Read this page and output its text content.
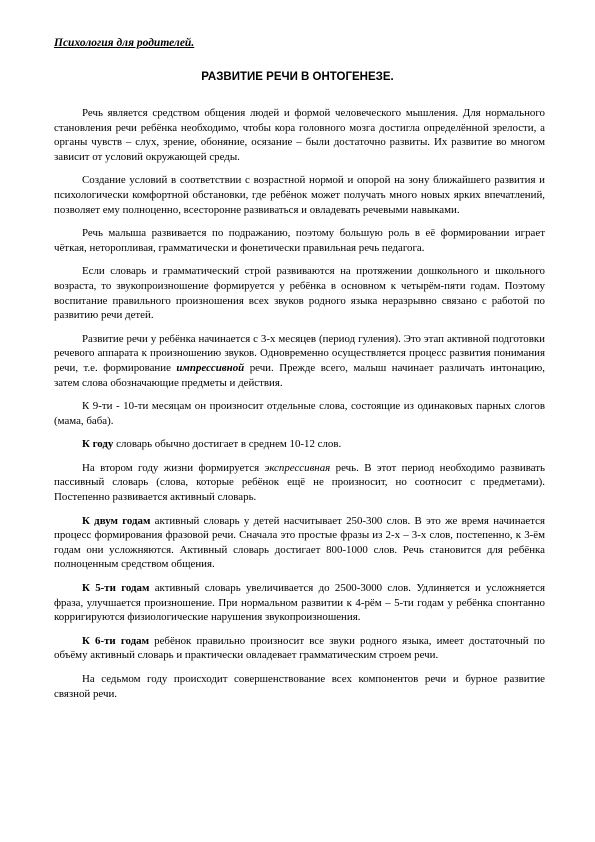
Психология для родителей.

РАЗВИТИЕ РЕЧИ В ОНТОГЕНЕЗЕ.

Речь является средством общения людей и формой человеческого мышления. Для нормального становления речи ребёнка необходимо, чтобы кора головного мозга достигла определённой зрелости, а органы чувств – слух, зрение, обоняние, осязание – были достаточно развиты. Их развитие во многом зависит от условий окружающей среды.

Создание условий в соответствии с возрастной нормой и опорой на зону ближайшего развития и психологически комфортной обстановки, где ребёнок может получать много новых ярких впечатлений, позволяет ему полноценно, всесторонне развиваться и овладевать речевыми навыками.

Речь малыша развивается по подражанию, поэтому большую роль в её формировании играет чёткая, неторопливая, грамматически и фонетически правильная речь педагога.

Если словарь и грамматический строй развиваются на протяжении дошкольного и школьного возраста, то звукопроизношение формируется у ребёнка в основном к четырём-пяти годам. Поэтому воспитание правильного произношения всех звуков родного языка неразрывно связано с работой по развитию речи детей.

Развитие речи у ребёнка начинается с 3-х месяцев (период гуления). Это этап активной подготовки речевого аппарата к произношению звуков. Одновременно осуществляется процесс развития понимания речи, т.е. формирование импрессивной речи. Прежде всего, малыш начинает различать интонацию, затем слова обозначающие предметы и действия.

К 9-ти - 10-ти месяцам он произносит отдельные слова, состоящие из одинаковых парных слогов (мама, баба).

К году словарь обычно достигает в среднем 10-12 слов.

На втором году жизни формируется экспрессивная речь. В этот период необходимо развивать пассивный словарь (слова, которые ребёнок ещё не произносит, но соотносит с предметами). Постепенно развивается активный словарь.

К двум годам активный словарь у детей насчитывает 250-300 слов. В это же время начинается процесс формирования фразовой речи. Сначала это простые фразы из 2-х – 3-х слов, постепенно, к 3-ём годам они усложняются. Активный словарь достигает 800-1000 слов. Речь становится для ребёнка полноценным средством общения.

К 5-ти годам активный словарь увеличивается до 2500-3000 слов. Удлиняется и усложняется фраза, улучшается произношение. При нормальном развитии к 4-рём – 5-ти годам у ребёнка спонтанно корригируются физиологические нарушения звукопроизношения.

К 6-ти годам ребёнок правильно произносит все звуки родного языка, имеет достаточный по объёму активный словарь и практически овладевает грамматическим строем речи.

На седьмом году происходит совершенствование всех компонентов речи и бурное развитие связной речи.
